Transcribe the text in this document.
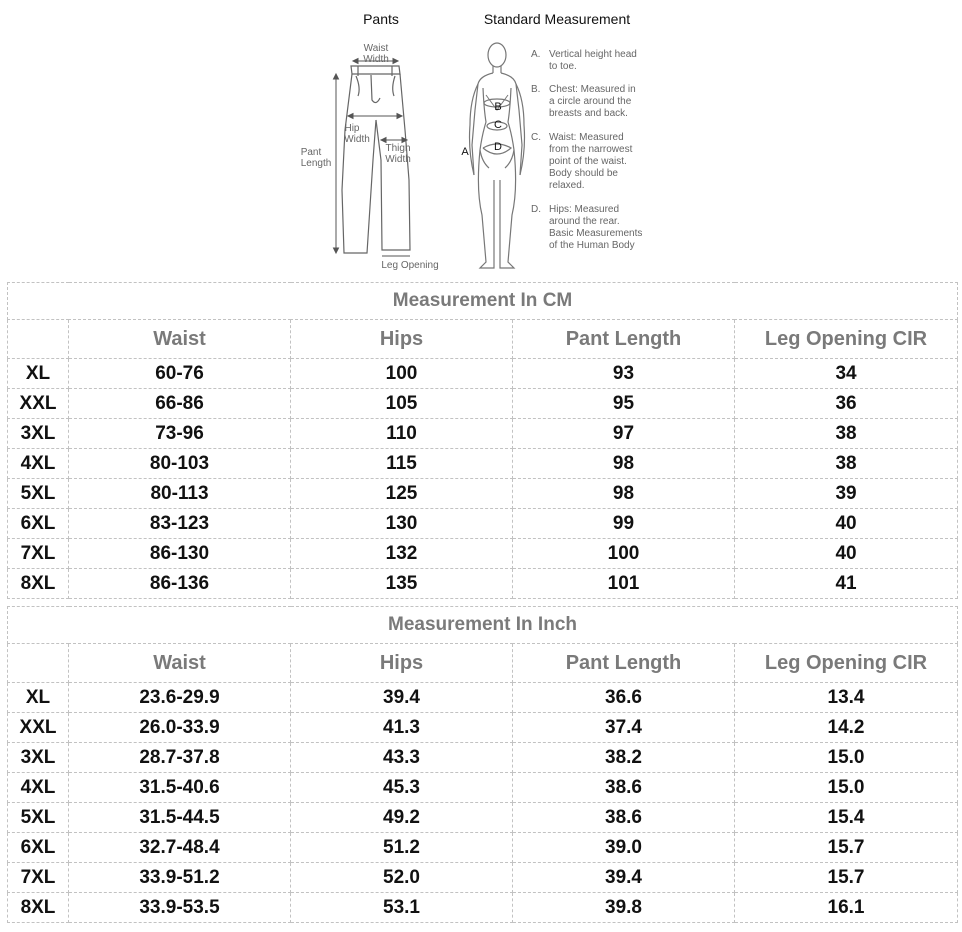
Pants	Standard Measurement
Waist
Width
Hip
Width
Pant
Length
Thigh
Width
Leg Opening
A
B
C
D
A. Vertical height head
to toe.
B. Chest: Measured in
a circle around the
breasts and back.
C. Waist: Measured
from the narrowest
point of the waist.
Body should be
relaxed.
D. Hips: Measured
around the rear.
Basic Measurements
of the Human Body
Measurement In CM				
	Waist	Hips	Pant Length	Leg Opening CIR
XL	60-76	100	93	34
XXL	66-86	105	95	36
3XL	73-96	110	97	38
4XL	80-103	115	98	38
5XL	80-113	125	98	39
6XL	83-123	130	99	40
7XL	86-130	132	100	40
8XL	86-136	135	101	41
Measurement In Inch				
	Waist	Hips	Pant Length	Leg Opening CIR
XL	23.6-29.9	39.4	36.6	13.4
XXL	26.0-33.9	41.3	37.4	14.2
3XL	28.7-37.8	43.3	38.2	15.0
4XL	31.5-40.6	45.3	38.6	15.0
5XL	31.5-44.5	49.2	38.6	15.4
6XL	32.7-48.4	51.2	39.0	15.7
7XL	33.9-51.2	52.0	39.4	15.7
8XL	33.9-53.5	53.1	39.8	16.1
